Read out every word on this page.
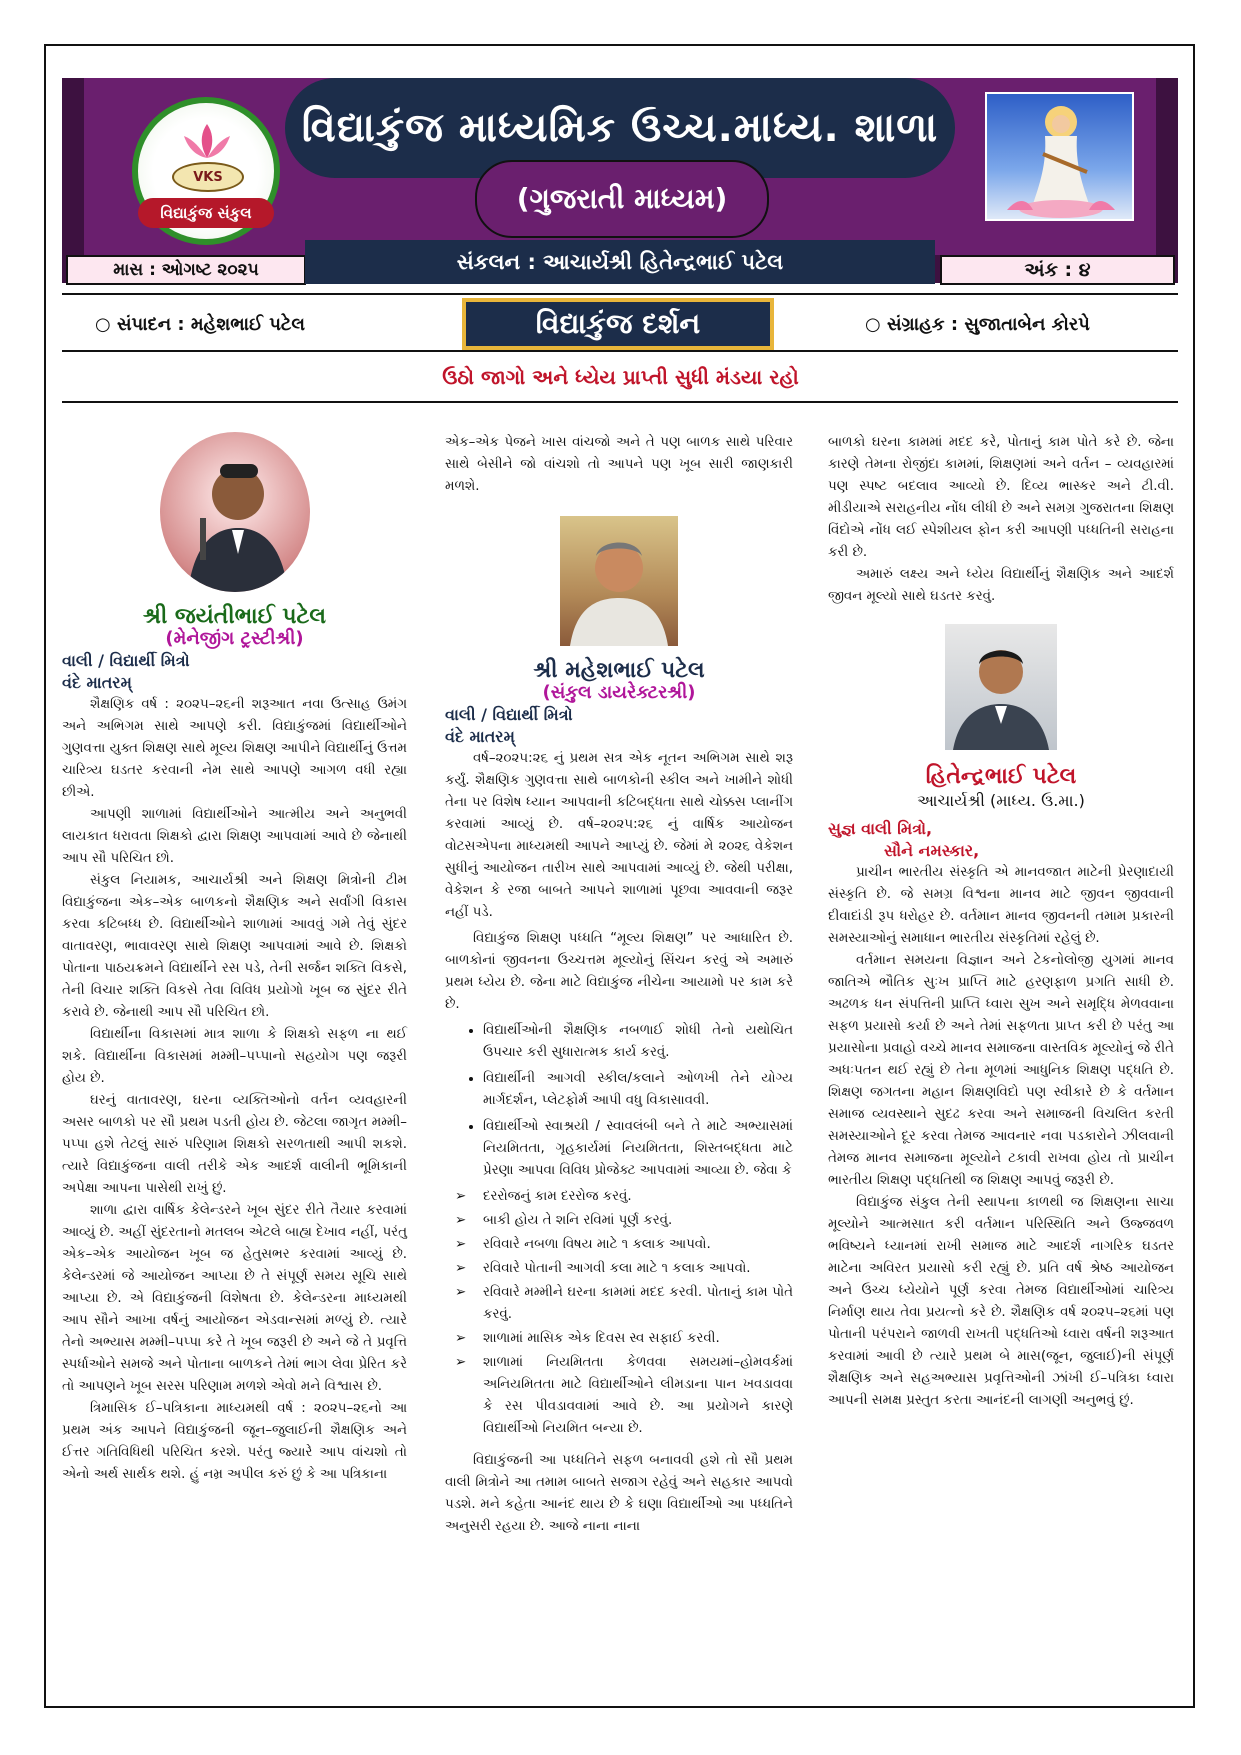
VKS
વિદ્યાકુંજ સંકુલ
વિદ્યાકુંજ માધ્યમિક ઉચ્ચ.માધ્ય. શાળા
(ગુજરાતી માધ્યમ)
માસ : ઓગષ્ટ ૨૦૨૫	સંકલન : આચાર્યશ્રી હિતેન્દ્રભાઈ પટેલ	અંક : ૪
○ સંપાદન : મહેશભાઈ પટેલ	વિદ્યાકુંજ દર્શન	○ સંગ્રાહક : સુજાતાબેન કોરપે
ઉઠો જાગો અને ધ્યેય પ્રાપ્તી સુધી મંડયા રહો

શ્રી જયંતીભાઈ પટેલ

(મેનેજીંગ ટ્રસ્ટીશ્રી)

વાલી / વિદ્યાર્થી મિત્રો

વંદે માતરમ્

શૈક્ષણિક વર્ષ : ૨૦૨૫–૨૬ની શરૂઆત નવા ઉત્સાહ ઉમંગ અને અભિગમ સાથે આપણે કરી. વિદ્યાકુંજમાં વિદ્યાર્થીઓને ગુણવત્તા યુક્ત શિક્ષણ સાથે મૂલ્ય શિક્ષણ આપીને વિદ્યાર્થીનું ઉત્તમ ચારિત્ર્ય ઘડતર કરવાની નેમ સાથે આપણે આગળ વધી રહ્યા છીએ.

આપણી શાળામાં વિદ્યાર્થીઓને આત્મીય અને અનુભવી લાયકાત ધરાવતા શિક્ષકો દ્વારા શિક્ષણ આપવામાં આવે છે જેનાથી આપ સૌ પરિચિત છો.

સંકુલ નિયામક, આચાર્યશ્રી અને શિક્ષણ મિત્રોની ટીમ વિદ્યાકુંજના એક–એક બાળકનો શૈક્ષણિક અને સર્વાંગી વિકાસ કરવા કટિબધ્ધ છે. વિદ્યાર્થીઓને શાળામાં આવવું ગમે તેવું સુંદર વાતાવરણ, ભાવાવરણ સાથે શિક્ષણ આપવામાં આવે છે. શિક્ષકો પોતાના પાઠયક્રમને વિદ્યાર્થીને રસ પડે, તેની સર્જન શક્તિ વિકસે, તેની વિચાર શક્તિ વિકસે તેવા વિવિધ પ્રયોગો ખૂબ જ સુંદર રીતે કરાવે છે. જેનાથી આપ સૌ પરિચિત છો.

વિદ્યાર્થીના વિકાસમાં માત્ર શાળા કે શિક્ષકો સફળ ના થઈ શકે. વિદ્યાર્થીના વિકાસમાં મમ્મી–પપ્પાનો સહયોગ પણ જરૂરી હોય છે.

ઘરનું વાતાવરણ, ઘરના વ્યક્તિઓનો વર્તન વ્યવહારની અસર બાળકો પર સૌ પ્રથમ પડતી હોય છે. જેટલા જાગૃત મમ્મી–પપ્પા હશે તેટલું સારું પરિણામ શિક્ષકો સરળતાથી આપી શકશે. ત્યારે વિદ્યાકુંજના વાલી તરીકે એક આદર્શ વાલીની ભૂમિકાની અપેક્ષા આપના પાસેથી રાખું છું.

શાળા દ્વારા વાર્ષિક કેલેન્ડરને ખૂબ સુંદર રીતે તૈયાર કરવામાં આવ્યું છે. અહીં સુંદરતાનો મતલબ એટલે બાહ્ય દેખાવ નહીં, પરંતુ એક–એક આયોજન ખૂબ જ હેતુસભર કરવામાં આવ્યું છે. કેલેન્ડરમાં જે આયોજન આપ્યા છે તે સંપૂર્ણ સમય સૂચિ સાથે આપ્યા છે. એ વિદ્યાકુંજની વિશેષતા છે. કેલેન્ડરના માધ્યમથી આપ સૌને આખા વર્ષનું આયોજન એડવાન્સમાં મળ્યું છે. ત્યારે તેનો અભ્યાસ મમ્મી–પપ્પા કરે તે ખૂબ જરૂરી છે અને જે તે પ્રવૃત્તિ સ્પર્ધાઓને સમજે અને પોતાના બાળકને તેમાં ભાગ લેવા પ્રેરિત કરે તો આપણને ખૂબ સરસ પરિણામ મળશે એવો મને વિશ્વાસ છે.

ત્રિમાસિક ઈ–પત્રિકાના માધ્યમથી વર્ષ : ૨૦૨૫–૨૬નો આ પ્રથમ અંક આપને વિદ્યાકુંજની જૂન–જુલાઈની શૈક્ષણિક અને ઈત્તર ગતિવિધિથી પરિચિત કરશે. પરંતુ જ્યારે આપ વાંચશો તો એનો અર્થ સાર્થક થશે. હું નમ્ર અપીલ કરું છું કે આ પત્રિકાના

એક–એક પેજને ખાસ વાંચજો અને તે પણ બાળક સાથે પરિવાર સાથે બેસીને જો વાંચશો તો આપને પણ ખૂબ સારી જાણકારી મળશે.

શ્રી મહેશભાઈ પટેલ

(સંકુલ ડાયરેક્ટરશ્રી)

વાલી / વિદ્યાર્થી મિત્રો

વંદે માતરમ્

વર્ષ–૨૦૨૫:૨૬ નું પ્રથમ સત્ર એક નૂતન અભિગમ સાથે શરૂ કર્યું. શૈક્ષણિક ગુણવત્તા સાથે બાળકોની સ્કીલ અને ખામીને શોધી તેના પર વિશેષ ધ્યાન આપવાની કટિબદ્ધતા સાથે ચોક્કસ પ્લાનીંગ કરવામાં આવ્યું છે. વર્ષ–૨૦૨૫:૨૬ નું વાર્ષિક આયોજન વોટસએપના માધ્યમથી આપને આપ્યું છે. જેમાં મે ૨૦૨૬ વેકેશન સુધીનું આયોજન તારીખ સાથે આપવામાં આવ્યું છે. જેથી પરીક્ષા, વેકેશન કે રજા બાબતે આપને શાળામાં પૂછવા આવવાની જરૂર નહીં પડે.

વિદ્યાકુંજ શિક્ષણ પધ્ધતિ “મૂલ્ય શિક્ષણ” પર આધારિત છે. બાળકોનાં જીવનના ઉચ્ચત્તમ મૂલ્યોનું સિંચન કરવું એ અમારું પ્રથમ ધ્યેય છે. જેના માટે વિદ્યાકુંજ નીચેના આયામો પર કામ કરે છે.

• વિદ્યાર્થીઓની શૈક્ષણિક નબળાઈ શોધી તેનો યથોચિત ઉપચાર કરી સુધારાત્મક કાર્ય કરવું.
• વિદ્યાર્થીની આગવી સ્કીલ/કલાને ઓળખી તેને યોગ્ય માર્ગદર્શન, પ્લેટફોર્મ આપી વધુ વિકાસાવવી.
• વિદ્યાર્થીઓ સ્વાશ્રયી / સ્વાવલંબી બને તે માટે અભ્યાસમાં નિયમિતતા, ગૃહકાર્યમાં નિયમિતતા, શિસ્તબદ્ધતા માટે પ્રેરણા આપવા વિવિધ પ્રોજેક્ટ આપવામાં આવ્યા છે. જેવા કે
➢ દરરોજનું કામ દરરોજ કરવું.
➢ બાકી હોય તે શનિ રવિમાં પૂર્ણ કરવું.
➢ રવિવારે નબળા વિષય માટે ૧ કલાક આપવો.
➢ રવિવારે પોતાની આગવી કલા માટે ૧ કલાક આપવો.
➢ રવિવારે મમ્મીને ઘરના કામમાં મદદ કરવી. પોતાનું કામ પોતે કરવું.
➢ શાળામાં માસિક એક દિવસ સ્વ સફાઈ કરવી.
➢ શાળામાં નિયમિતતા કેળવવા સમયમાં–હોમવર્કમાં અનિયમિતતા માટે વિદ્યાર્થીઓને લીમડાના પાન ખવડાવવા કે રસ પીવડાવવામાં આવે છે. આ પ્રયોગને કારણે વિદ્યાર્થીઓ નિયમિત બન્યા છે.

વિદ્યાકુંજની આ પધ્ધતિને સફળ બનાવવી હશે તો સૌ પ્રથમ વાલી મિત્રોને આ તમામ બાબતે સજાગ રહેવું અને સહકાર આપવો પડશે. મને કહેતા આનંદ થાય છે કે ઘણા વિદ્યાર્થીઓ આ પધ્ધતિને અનુસરી રહયા છે. આજે નાના નાના

બાળકો ઘરના કામમાં મદદ કરે, પોતાનું કામ પોતે કરે છે. જેના કારણે તેમના રોજીંદા કામમાં, શિક્ષણમાં અને વર્તન – વ્યવહારમાં પણ સ્પષ્ટ બદલાવ આવ્યો છે. દિવ્ય ભાસ્કર અને ટી.વી. મીડીયાએ સરાહનીય નોંધ લીધી છે અને સમગ્ર ગુજરાતના શિક્ષણ વિંદોએ નોંધ લઈ સ્પેશીયલ ફોન કરી આપણી પધ્ધતિની સરાહના કરી છે.

અમારું લક્ષ્ય અને ધ્યેય વિદ્યાર્થીનું શૈક્ષણિક અને આદર્શ જીવન મૂલ્યો સાથે ઘડતર કરવું.

હિતેન્દ્રભાઈ પટેલ

આચાર્યશ્રી (માધ્ય. ઉ.મા.)

સુજ્ઞ વાલી મિત્રો,

સૌને નમસ્કાર,

પ્રાચીન ભારતીય સંસ્કૃતિ એ માનવજાત માટેની પ્રેરણાદાયી સંસ્કૃતિ છે. જે સમગ્ર વિશ્વના માનવ માટે જીવન જીવવાની દીવાદાંડી રૂપ ધરોહર છે. વર્તમાન માનવ જીવનની તમામ પ્રકારની સમસ્યાઓનું સમાધાન ભારતીય સંસ્કૃતિમાં રહેલું છે.

વર્તમાન સમયના વિજ્ઞાન અને ટેકનોલોજી યુગમાં માનવ જાતિએ ભૌતિક સુઃખ પ્રાપ્તિ માટે હરણફાળ પ્રગતિ સાધી છે. અઢળક ધન સંપત્તિની પ્રાપ્તિ ધ્વારા સુખ અને સમૃદ્ધિ મેળવવાના સફળ પ્રયાસો કર્યા છે અને તેમાં સફળતા પ્રાપ્ત કરી છે પરંતુ આ પ્રયાસોના પ્રવાહો વચ્ચે માનવ સમાજના વાસ્તવિક મૂલ્યોનું જે રીતે અધઃપતન થઈ રહ્યું છે તેના મૂળમાં આધુનિક શિક્ષણ પદ્ધતિ છે. શિક્ષણ જગતના મહાન શિક્ષણવિદો પણ સ્વીકારે છે કે વર્તમાન સમાજ વ્યવસ્થાને સુદઢ કરવા અને સમાજની વિચલિત કરતી સમસ્યાઓને દૂર કરવા તેમજ આવનાર નવા પડકારોને ઝીલવાની તેમજ માનવ સમાજના મૂલ્યોને ટકાવી રાખવા હોય તો પ્રાચીન ભારતીય શિક્ષણ પદ્ધતિથી જ શિક્ષણ આપવું જરૂરી છે.

વિદ્યાકુંજ સંકુલ તેની સ્થાપના કાળથી જ શિક્ષણના સાચા મૂલ્યોને આત્મસાત કરી વર્તમાન પરિસ્થિતિ અને ઉજ્જવળ ભવિષ્યને ધ્યાનમાં રાખી સમાજ માટે આદર્શ નાગરિક ઘડતર માટેના અવિરત પ્રયાસો કરી રહ્યું છે. પ્રતિ વર્ષ શ્રેષ્ઠ આયોજન અને ઉચ્ચ ધ્યેયોને પૂર્ણ કરવા તેમજ વિદ્યાર્થીઓમાં ચારિત્ર્ય નિર્માણ થાય તેવા પ્રયત્નો કરે છે. શૈક્ષણિક વર્ષ ૨૦૨૫–૨૬માં પણ પોતાની પરંપરાને જાળવી રાખતી પદ્ધતિઓ ધ્વારા વર્ષની શરૂઆત કરવામાં આવી છે ત્યારે પ્રથમ બે માસ(જૂન, જુલાઈ)ની સંપૂર્ણ શૈક્ષણિક અને સહઅભ્યાસ પ્રવૃત્તિઓની ઝાંખી ઈ–પત્રિકા ધ્વારા આપની સમક્ષ પ્રસ્તુત કરતા આનંદની લાગણી અનુભવું છું.
